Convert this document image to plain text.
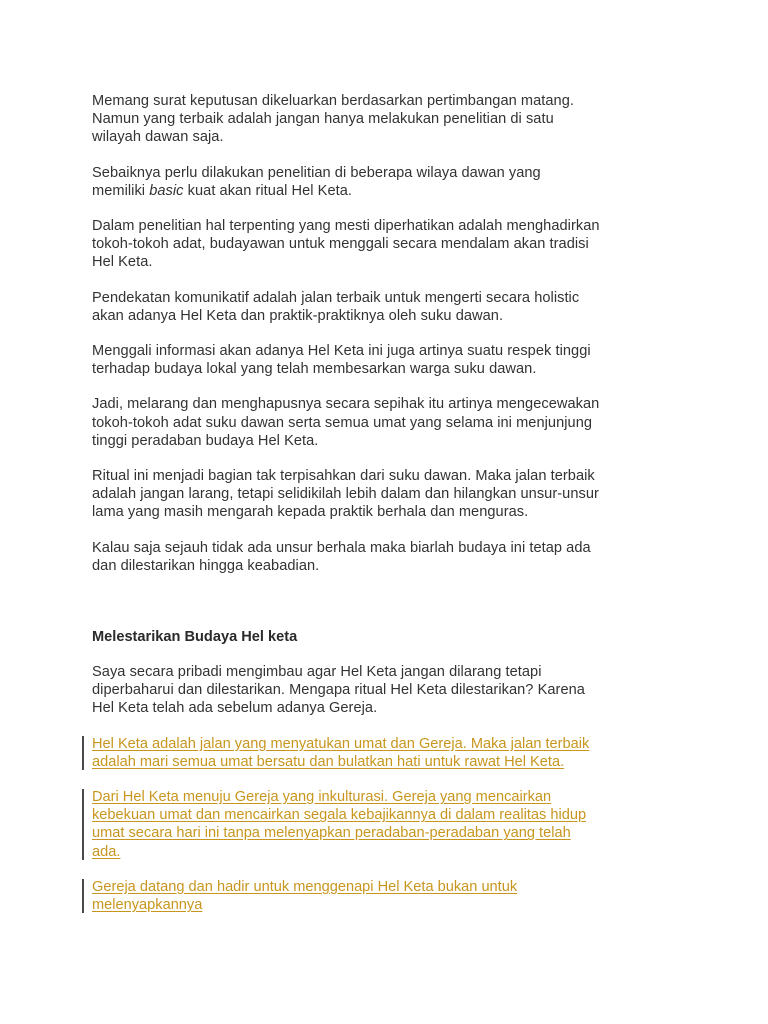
Memang surat keputusan dikeluarkan berdasarkan pertimbangan matang.
Namun yang terbaik adalah jangan hanya melakukan penelitian di satu
wilayah dawan saja.

Sebaiknya perlu dilakukan penelitian di beberapa wilaya dawan yang
memiliki basic kuat akan ritual Hel Keta.

Dalam penelitian hal terpenting yang mesti diperhatikan adalah menghadirkan
tokoh-tokoh adat, budayawan untuk menggali secara mendalam akan tradisi
Hel Keta.

Pendekatan komunikatif adalah jalan terbaik untuk mengerti secara holistic
akan adanya Hel Keta dan praktik-praktiknya oleh suku dawan.

Menggali informasi akan adanya Hel Keta ini juga artinya suatu respek tinggi
terhadap budaya lokal yang telah membesarkan warga suku dawan.

Jadi, melarang dan menghapusnya secara sepihak itu artinya mengecewakan
tokoh-tokoh adat suku dawan serta semua umat yang selama ini menjunjung
tinggi peradaban budaya Hel Keta.

Ritual ini menjadi bagian tak terpisahkan dari suku dawan. Maka jalan terbaik
adalah jangan larang, tetapi selidikilah lebih dalam dan hilangkan unsur-unsur
lama yang masih mengarah kepada praktik berhala dan menguras.

Kalau saja sejauh tidak ada unsur berhala maka biarlah budaya ini tetap ada
dan dilestarikan hingga keabadian.

Melestarikan Budaya Hel keta

Saya secara pribadi mengimbau agar Hel Keta jangan dilarang tetapi
diperbaharui dan dilestarikan. Mengapa ritual Hel Keta dilestarikan? Karena
Hel Keta telah ada sebelum adanya Gereja.

Hel Keta adalah jalan yang menyatukan umat dan Gereja. Maka jalan terbaik
adalah mari semua umat bersatu dan bulatkan hati untuk rawat Hel Keta.
Dari Hel Keta menuju Gereja yang inkulturasi. Gereja yang mencairkan
kebekuan umat dan mencairkan segala kebajikannya di dalam realitas hidup
umat secara hari ini tanpa melenyapkan peradaban-peradaban yang telah
ada.
Gereja datang dan hadir untuk menggenapi Hel Keta bukan untuk
melenyapkannya
